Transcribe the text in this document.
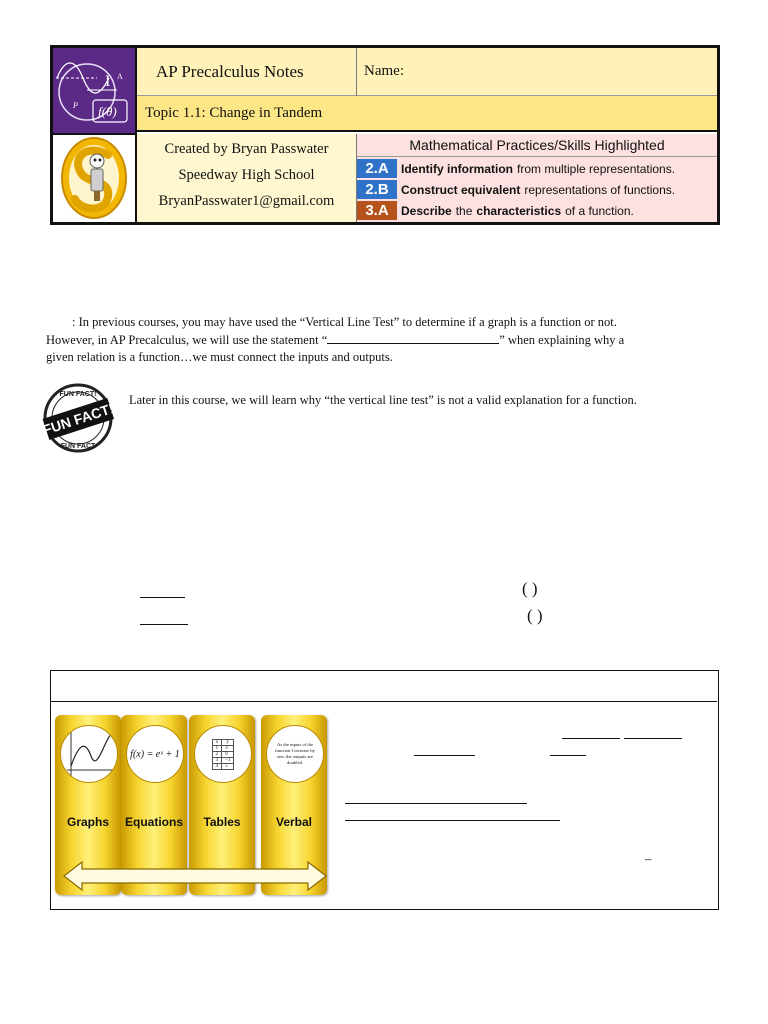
P
I A
f(θ)
AP Precalculus Notes	Name:
Topic 1.1: Change in Tandem
Created by Bryan Passwater
Speedway High School
BryanPasswater1@gmail.com
Mathematical Practices/Skills Highlighted
2.A	Identify information from multiple representations.
2.B	Construct equivalent representations of functions.
3.A	Describe the characteristics of a function.
: In previous courses, you may have used the “Vertical Line Test” to determine if a graph is a function or not.
However, in AP Precalculus, we will use the statement “	” when explaining why a
given relation is a function…we must connect the inputs and outputs.
FUN FACT!
FUN FACT!
FUN FACT
Later in this course, we will learn why “the vertical line test” is not a valid explanation for a function.
( )
( )
Graphs
f(x) = eˣ + 1
Equations
x	y
1	3
2	9
3	−1
4	5
Tables
As the inputs of the function f increase by one, the outputs are doubled.
Verbal
–
